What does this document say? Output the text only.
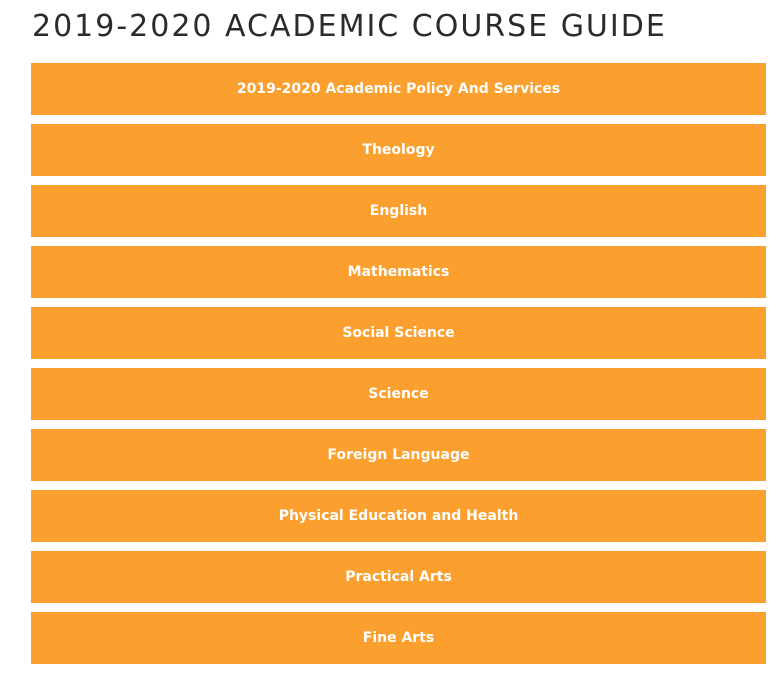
2019-2020 ACADEMIC COURSE GUIDE
2019-2020 Academic Policy And Services
Theology
English
Mathematics
Social Science
Science
Foreign Language
Physical Education and Health
Practical Arts
Fine Arts
